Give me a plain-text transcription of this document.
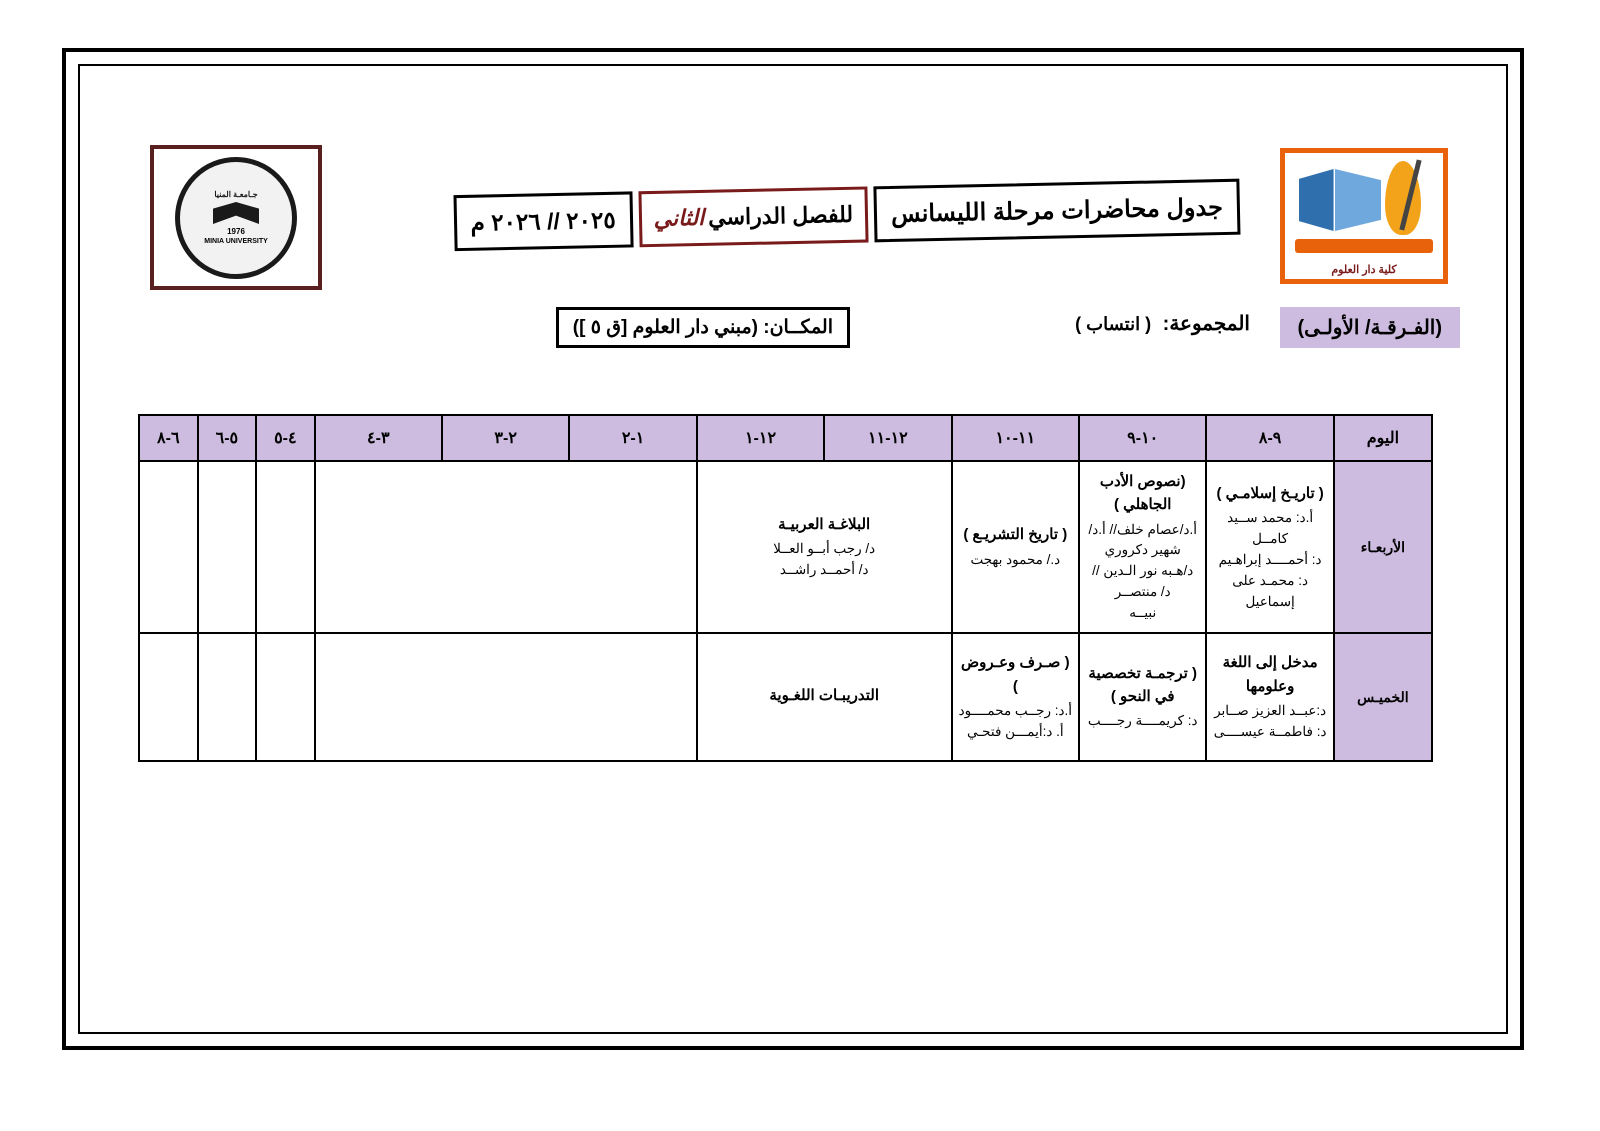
جـامعـة المنيا
1976
MINIA UNIVERSITY
كلية دار العلوم
جدول محاضرات مرحلة الليسانس
للفصل الدراسي
الثاني
٢٠٢٥ // ٢٠٢٦ م
(الفـرقـة/ الأولـى)
المجموعة: ( انتساب )
المكــان: (مبني دار العلوم [ق ٥ ])
اليوم	٩-٨	١٠-٩	١١-١٠	١٢-١١	١٢-١	١-٢	٢-٣	٣-٤	٤-٥	٥-٦	٦-٨
الأربعـاء	( تاريـخ إسلامـي )
أ.د: محمد ســيد كامــل
د: أحمــــد إبراهـيم
د: محمـد على إسماعيل	(نصوص الأدب الجاهلي )
أ.د/عصام خلف// أ.د/شهير دكروري
د/هـبه نور الـدين // د/ منتصــر
نبيــه	( تاريخ التشريـع )
د./ محمود بهجت	البلاغـة العربيـة
د/ رجب أبــو العــلا
د/ أحمــد راشــد							

الخميـس	مدخل إلى اللغة وعلومها
د:عبــد العزيز صــابر
د: فاطمــة عيســــى	( ترجمـة تخصصية في النحو )
د: كريمــــة رجــــب	( صـرف وعـروض )
أ.د: رجــب محمــــود
أ. د:أيمـــن فتحـي	التدريبـات اللغـوية							
